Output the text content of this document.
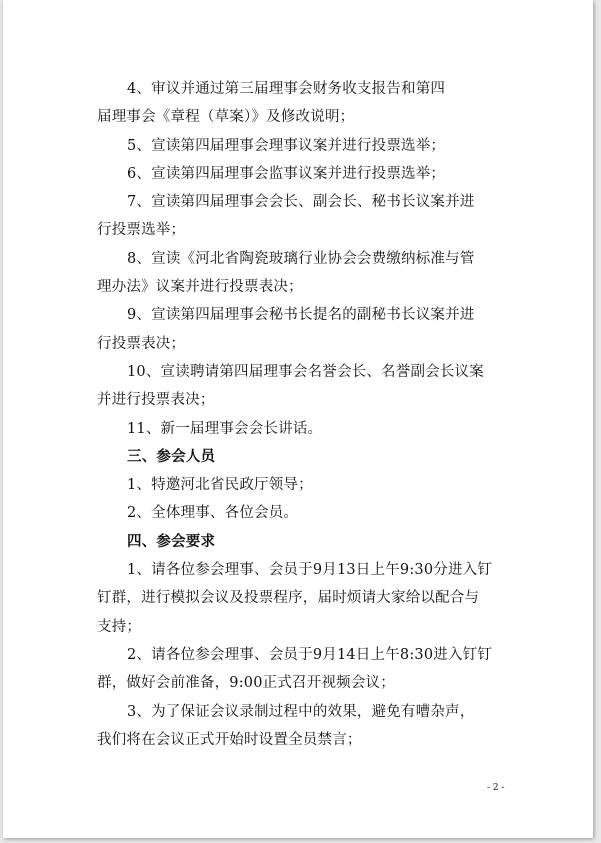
4、审议并通过第三届理事会财务收支报告和第四
届理事会《章程（草案）》及修改说明；

5、宣读第四届理事会理事议案并进行投票选举；

6、宣读第四届理事会监事议案并进行投票选举；

7、宣读第四届理事会会长、副会长、秘书长议案并进
行投票选举；

8、宣读《河北省陶瓷玻璃行业协会会费缴纳标准与管
理办法》议案并进行投票表决；

9、宣读第四届理事会秘书长提名的副秘书长议案并进
行投票表决；

10、宣读聘请第四届理事会名誉会长、名誉副会长议案
并进行投票表决；

11、新一届理事会会长讲话。

三、参会人员

1、特邀河北省民政厅领导；

2、全体理事、各位会员。

四、参会要求

1、请各位参会理事、会员于9月13日上午9:30分进入钉
钉群，进行模拟会议及投票程序，届时烦请大家给以配合与
支持；

2、请各位参会理事、会员于9月14日上午8:30进入钉钉
群，做好会前准备，9:00正式召开视频会议；

3、为了保证会议录制过程中的效果，避免有嘈杂声，
我们将在会议正式开始时设置全员禁言；

- 2 -
